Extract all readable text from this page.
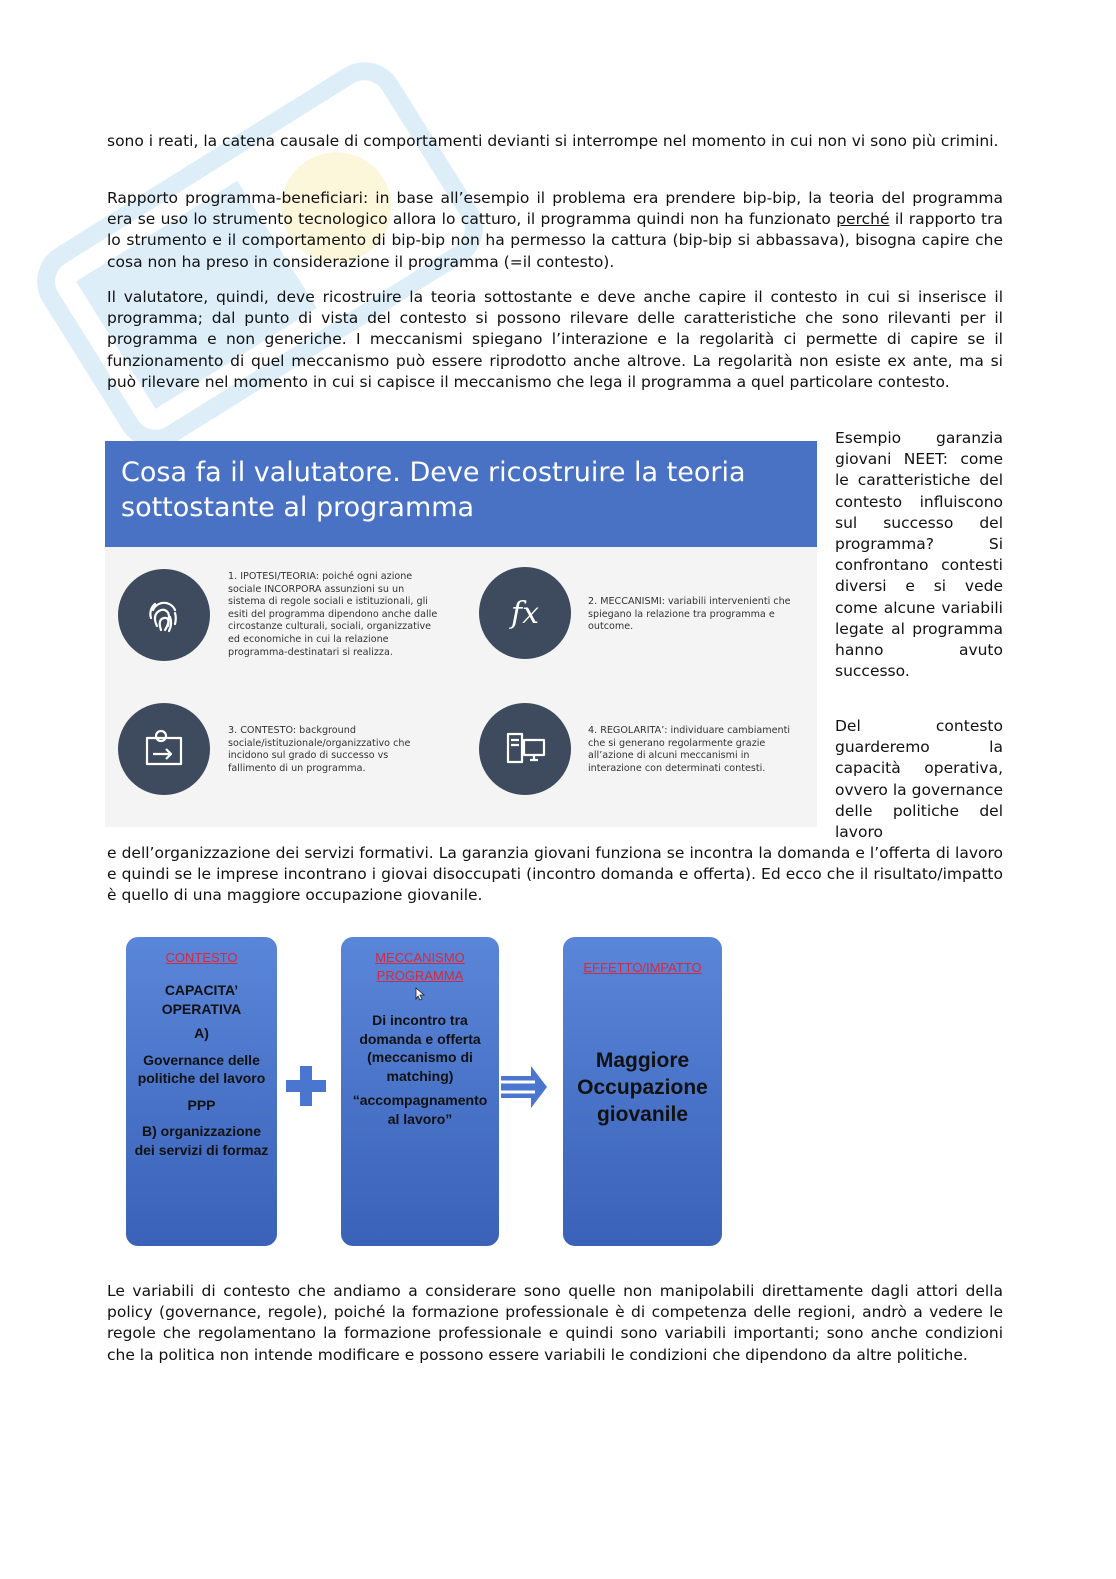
sono i reati, la catena causale di comportamenti devianti si interrompe nel momento in cui non vi sono più crimini.

Rapporto programma-beneficiari: in base all’esempio il problema era prendere bip-bip, la teoria del programma era se uso lo strumento tecnologico allora lo catturo, il programma quindi non ha funzionato perché il rapporto tra lo strumento e il comportamento di bip-bip non ha permesso la cattura (bip-bip si abbassava), bisogna capire che cosa non ha preso in considerazione il programma (=il contesto).

Il valutatore, quindi, deve ricostruire la teoria sottostante e deve anche capire il contesto in cui si inserisce il programma; dal punto di vista del contesto si possono rilevare delle caratteristiche che sono rilevanti per il programma e non generiche. I meccanismi spiegano l’interazione e la regolarità ci permette di capire se il funzionamento di quel meccanismo può essere riprodotto anche altrove. La regolarità non esiste ex ante, ma si può rilevare nel momento in cui si capisce il meccanismo che lega il programma a quel particolare contesto.

Cosa fa il valutatore. Deve ricostruire la teoria
sottostante al programma

1. IPOTESI/TEORIA: poiché ogni azione sociale INCORPORA assunzioni su un sistema di regole sociali e istituzionali, gli esiti del programma dipendono anche dalle circostanze culturali, sociali, organizzative ed economiche in cui la relazione programma-destinatari si realizza.

fx	2. MECCANISMI: variabili intervenienti che spiegano la relazione tra programma e outcome.

3. CONTESTO: background sociale/istituzionale/organizzativo che incidono sul grado di successo vs fallimento di un programma.

4. REGOLARITA’: individuare cambiamenti che si generano regolarmente grazie all’azione di alcuni meccanismi in interazione con determinati contesti.

Esempio garanzia giovani NEET: come le caratteristiche del contesto influiscono sul successo del programma? Si confrontano contesti diversi e si vede come alcune variabili legate al programma hanno avuto successo.

Del contesto guarderemo la capacità operativa, ovvero la governance delle politiche del lavoro

e dell’organizzazione dei servizi formativi. La garanzia giovani funziona se incontra la domanda e l’offerta di lavoro e quindi se le imprese incontrano i giovai disoccupati (incontro domanda e offerta). Ed ecco che il risultato/impatto è quello di una maggiore occupazione giovanile.

CONTESTO
CAPACITA’
OPERATIVA
A)
Governance delle politiche del lavoro
PPP
B) organizzazione dei servizi di formaz
MECCANISMO
PROGRAMMA
Di incontro tra domanda e offerta (meccanismo di matching)
“accompagnamento al lavoro”
EFFETTO/IMPATTO
Maggiore Occupazione giovanile

Le variabili di contesto che andiamo a considerare sono quelle non manipolabili direttamente dagli attori della policy (governance, regole), poiché la formazione professionale è di competenza delle regioni, andrò a vedere le regole che regolamentano la formazione professionale e quindi sono variabili importanti; sono anche condizioni che la politica non intende modificare e possono essere variabili le condizioni che dipendono da altre politiche.
